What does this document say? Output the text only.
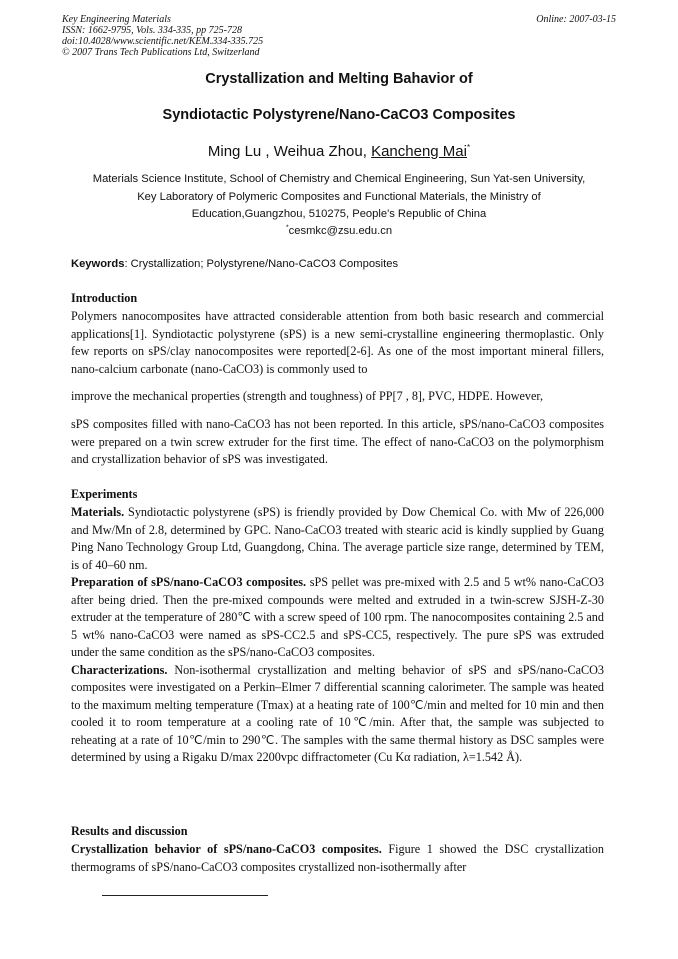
Key Engineering Materials
ISSN: 1662-9795, Vols. 334-335, pp 725-728
doi:10.4028/www.scientific.net/KEM.334-335.725
© 2007 Trans Tech Publications Ltd, Switzerland
Online: 2007-03-15
Crystallization and Melting Bahavior of
Syndiotactic Polystyrene/Nano-CaCO3 Composites
Ming Lu , Weihua Zhou, Kancheng Mai*
Materials Science Institute, School of Chemistry and Chemical Engineering, Sun Yat-sen University,
Key Laboratory of Polymeric Composites and Functional Materials, the Ministry of
Education,Guangzhou, 510275, People's Republic of China
*cesmkc@zsu.edu.cn
Keywords: Crystallization; Polystyrene/Nano-CaCO3 Composites
Introduction
Polymers nanocomposites have attracted considerable attention from both basic research and commercial applications[1]. Syndiotactic polystyrene (sPS) is a new semi-crystalline engineering thermoplastic. Only few reports on sPS/clay nanocomposites were reported[2-6]. As one of the most important mineral fillers, nano-calcium carbonate (nano-CaCO3) is commonly used to
improve the mechanical properties (strength and toughness) of PP[7 , 8], PVC, HDPE. However,
sPS composites filled with nano-CaCO3 has not been reported. In this article, sPS/nano-CaCO3 composites were prepared on a twin screw extruder for the first time. The effect of nano-CaCO3 on the polymorphism and crystallization behavior of sPS was investigated.
Experiments
Materials. Syndiotactic polystyrene (sPS) is friendly provided by Dow Chemical Co. with Mw of 226,000 and Mw/Mn of 2.8, determined by GPC. Nano-CaCO3 treated with stearic acid is kindly supplied by Guang Ping Nano Technology Group Ltd, Guangdong, China. The average particle size range, determined by TEM, is of 40–60 nm.
Preparation of sPS/nano-CaCO3 composites. sPS pellet was pre-mixed with 2.5 and 5 wt% nano-CaCO3 after being dried. Then the pre-mixed compounds were melted and extruded in a twin-screw SJSH-Z-30 extruder at the temperature of 280℃ with a screw speed of 100 rpm. The nanocomposites containing 2.5 and 5 wt% nano-CaCO3 were named as sPS-CC2.5 and sPS-CC5, respectively. The pure sPS was extruded under the same condition as the sPS/nano-CaCO3 composites.
Characterizations. Non-isothermal crystallization and melting behavior of sPS and sPS/nano-CaCO3 composites were investigated on a Perkin–Elmer 7 differential scanning calorimeter. The sample was heated to the maximum melting temperature (Tmax) at a heating rate of 100℃/min and melted for 10 min and then cooled it to room temperature at a cooling rate of 10℃/min. After that, the sample was subjected to reheating at a rate of 10℃/min to 290℃. The samples with the same thermal history as DSC samples were determined by using a Rigaku D/max 2200vpc diffractometer (Cu Kα radiation, λ=1.542 Å).
Results and discussion
Crystallization behavior of sPS/nano-CaCO3 composites. Figure 1 showed the DSC crystallization thermograms of sPS/nano-CaCO3 composites crystallized non-isothermally after
